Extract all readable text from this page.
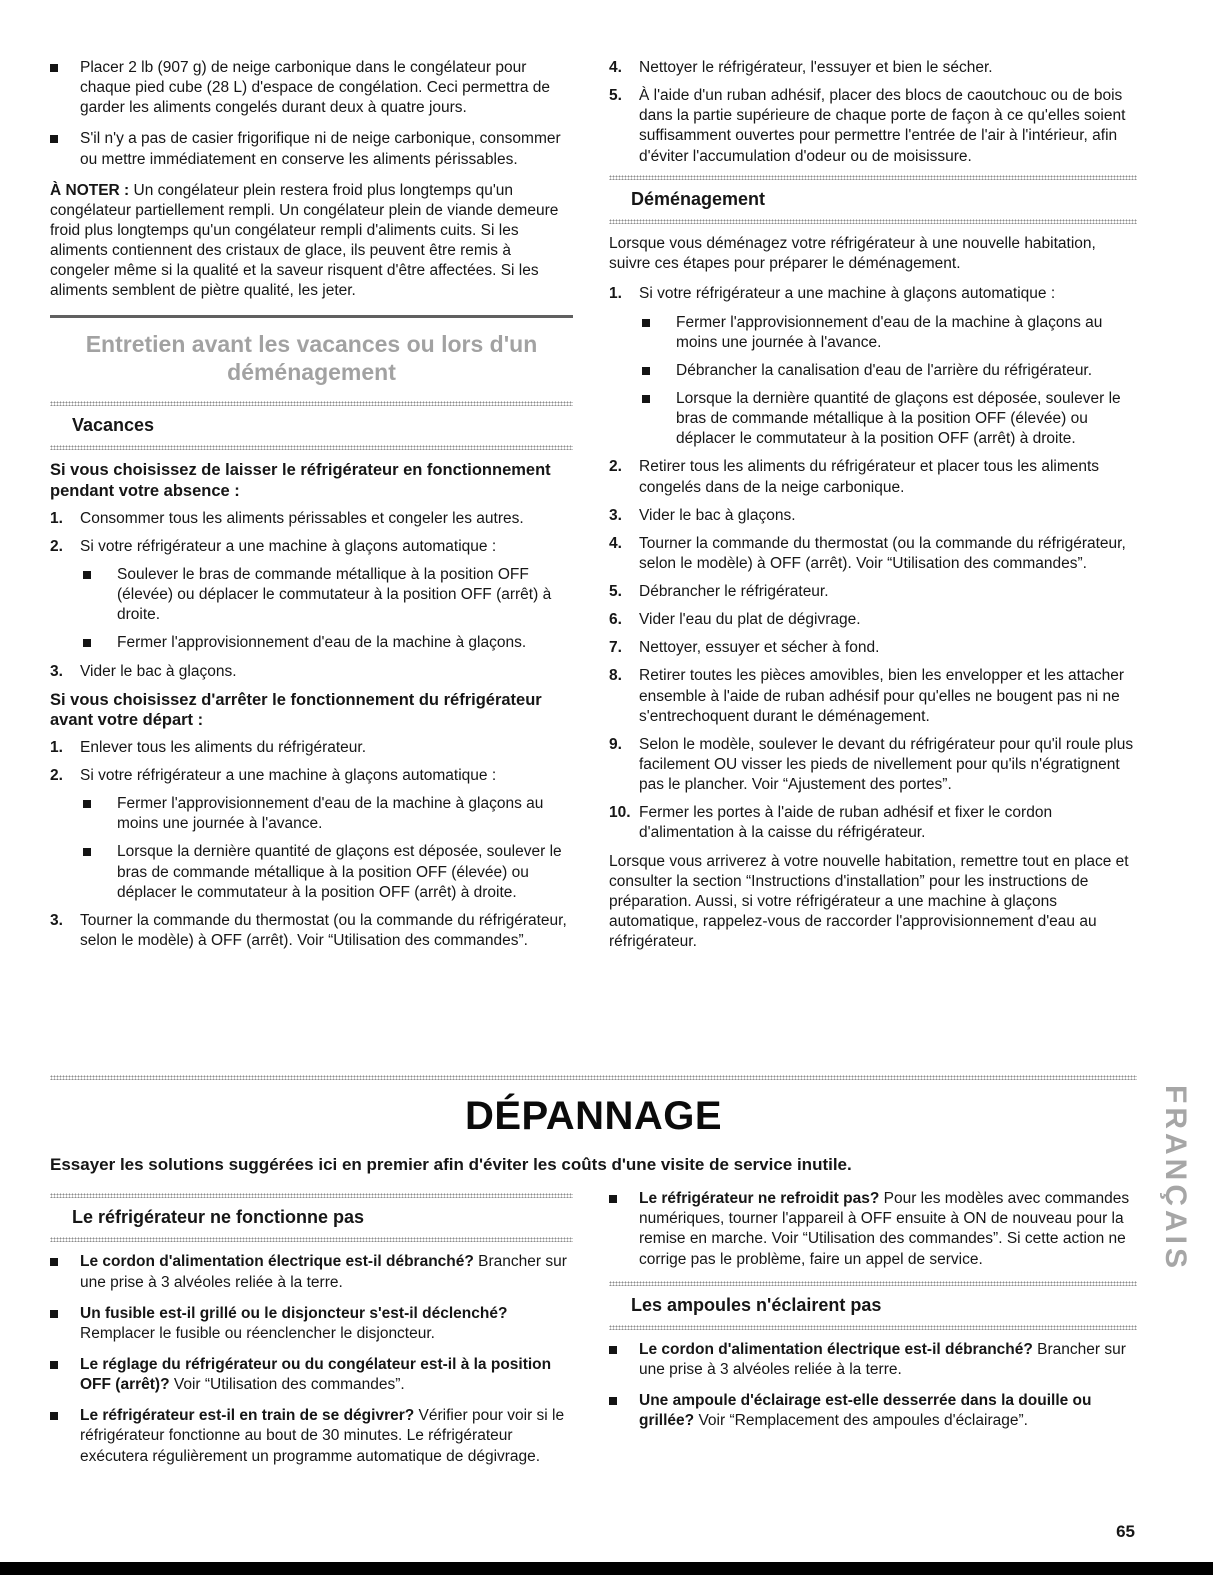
Placer 2 lb (907 g) de neige carbonique dans le congélateur pour chaque pied cube (28 L) d'espace de congélation. Ceci permettra de garder les aliments congelés durant deux à quatre jours.
S'il n'y a pas de casier frigorifique ni de neige carbonique, consommer ou mettre immédiatement en conserve les aliments périssables.

À NOTER : Un congélateur plein restera froid plus longtemps qu'un congélateur partiellement rempli. Un congélateur plein de viande demeure froid plus longtemps qu'un congélateur rempli d'aliments cuits. Si les aliments contiennent des cristaux de glace, ils peuvent être remis à congeler même si la qualité et la saveur risquent d'être affectées. Si les aliments semblent de piètre qualité, les jeter.

Entretien avant les vacances ou lors d'un déménagement
Vacances
Si vous choisissez de laisser le réfrigérateur en fonctionnement pendant votre absence :
1.	Consommer tous les aliments périssables et congeler les autres.
2.	Si votre réfrigérateur a une machine à glaçons automatique :
Soulever le bras de commande métallique à la position OFF (élevée) ou déplacer le commutateur à la position OFF (arrêt) à droite.
Fermer l'approvisionnement d'eau de la machine à glaçons.
3.	Vider le bac à glaçons.
Si vous choisissez d'arrêter le fonctionnement du réfrigérateur avant votre départ :
1.	Enlever tous les aliments du réfrigérateur.
2.	Si votre réfrigérateur a une machine à glaçons automatique :
Fermer l'approvisionnement d'eau de la machine à glaçons au moins une journée à l'avance.
Lorsque la dernière quantité de glaçons est déposée, soulever le bras de commande métallique à la position OFF (élevée) ou déplacer le commutateur à la position OFF (arrêt) à droite.
3.	Tourner la commande du thermostat (ou la commande du réfrigérateur, selon le modèle) à OFF (arrêt). Voir “Utilisation des commandes”.
4.	Nettoyer le réfrigérateur, l'essuyer et bien le sécher.
5.	À l'aide d'un ruban adhésif, placer des blocs de caoutchouc ou de bois dans la partie supérieure de chaque porte de façon à ce qu'elles soient suffisamment ouvertes pour permettre l'entrée de l'air à l'intérieur, afin d'éviter l'accumulation d'odeur ou de moisissure.
Déménagement

Lorsque vous déménagez votre réfrigérateur à une nouvelle habitation, suivre ces étapes pour préparer le déménagement.

1.	Si votre réfrigérateur a une machine à glaçons automatique :
Fermer l'approvisionnement d'eau de la machine à glaçons au moins une journée à l'avance.
Débrancher la canalisation d'eau de l'arrière du réfrigérateur.
Lorsque la dernière quantité de glaçons est déposée, soulever le bras de commande métallique à la position OFF (élevée) ou déplacer le commutateur à la position OFF (arrêt) à droite.
2.	Retirer tous les aliments du réfrigérateur et placer tous les aliments congelés dans de la neige carbonique.
3.	Vider le bac à glaçons.
4.	Tourner la commande du thermostat (ou la commande du réfrigérateur, selon le modèle) à OFF (arrêt). Voir “Utilisation des commandes”.
5.	Débrancher le réfrigérateur.
6.	Vider l'eau du plat de dégivrage.
7.	Nettoyer, essuyer et sécher à fond.
8.	Retirer toutes les pièces amovibles, bien les envelopper et les attacher ensemble à l'aide de ruban adhésif pour qu'elles ne bougent pas ni ne s'entrechoquent durant le déménagement.
9.	Selon le modèle, soulever le devant du réfrigérateur pour qu'il roule plus facilement OU visser les pieds de nivellement pour qu'ils n'égratignent pas le plancher. Voir “Ajustement des portes”.
10. Fermer les portes à l'aide de ruban adhésif et fixer le cordon d'alimentation à la caisse du réfrigérateur.

Lorsque vous arriverez à votre nouvelle habitation, remettre tout en place et consulter la section “Instructions d'installation” pour les instructions de préparation. Aussi, si votre réfrigérateur a une machine à glaçons automatique, rappelez-vous de raccorder l'approvisionnement d'eau au réfrigérateur.

DÉPANNAGE
Essayer les solutions suggérées ici en premier afin d'éviter les coûts d'une visite de service inutile.
Le réfrigérateur ne fonctionne pas
Le cordon d'alimentation électrique est-il débranché? Brancher sur une prise à 3 alvéoles reliée à la terre.
Un fusible est-il grillé ou le disjoncteur s'est-il déclenché? Remplacer le fusible ou réenclencher le disjoncteur.
Le réglage du réfrigérateur ou du congélateur est-il à la position OFF (arrêt)? Voir “Utilisation des commandes”.
Le réfrigérateur est-il en train de se dégivrer? Vérifier pour voir si le réfrigérateur fonctionne au bout de 30 minutes. Le réfrigérateur exécutera régulièrement un programme automatique de dégivrage.
Le réfrigérateur ne refroidit pas? Pour les modèles avec commandes numériques, tourner l'appareil à OFF ensuite à ON de nouveau pour la remise en marche. Voir “Utilisation des commandes”. Si cette action ne corrige pas le problème, faire un appel de service.
Les ampoules n'éclairent pas
Le cordon d'alimentation électrique est-il débranché? Brancher sur une prise à 3 alvéoles reliée à la terre.
Une ampoule d'éclairage est-elle desserrée dans la douille ou grillée? Voir “Remplacement des ampoules d'éclairage”.
FRANÇAIS
65
